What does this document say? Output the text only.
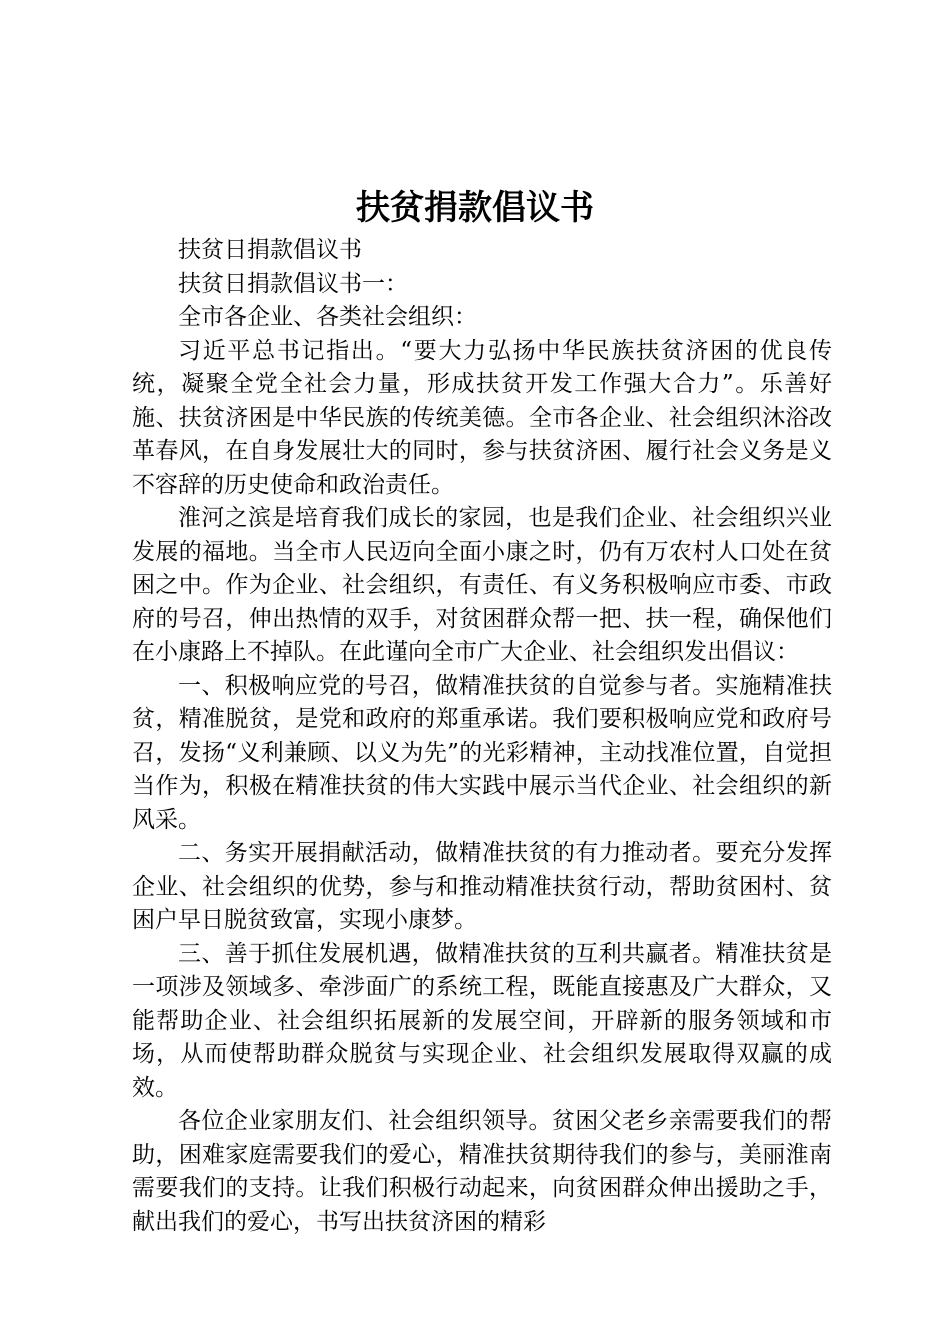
扶贫捐款倡议书

扶贫日捐款倡议书

扶贫日捐款倡议书一：

全市各企业、各类社会组织：

习近平总书记指出。“要大力弘扬中华民族扶贫济困的优良传统，凝聚全党全社会力量，形成扶贫开发工作强大合力”。乐善好施、扶贫济困是中华民族的传统美德。全市各企业、社会组织沐浴改革春风，在自身发展壮大的同时，参与扶贫济困、履行社会义务是义不容辞的历史使命和政治责任。

淮河之滨是培育我们成长的家园，也是我们企业、社会组织兴业发展的福地。当全市人民迈向全面小康之时，仍有万农村人口处在贫困之中。作为企业、社会组织，有责任、有义务积极响应市委、市政府的号召，伸出热情的双手，对贫困群众帮一把、扶一程，确保他们在小康路上不掉队。在此谨向全市广大企业、社会组织发出倡议：

一、积极响应党的号召，做精准扶贫的自觉参与者。实施精准扶贫，精准脱贫，是党和政府的郑重承诺。我们要积极响应党和政府号召，发扬“义利兼顾、以义为先”的光彩精神，主动找准位置，自觉担当作为，积极在精准扶贫的伟大实践中展示当代企业、社会组织的新风采。

二、务实开展捐献活动，做精准扶贫的有力推动者。要充分发挥企业、社会组织的优势，参与和推动精准扶贫行动，帮助贫困村、贫困户早日脱贫致富，实现小康梦。

三、善于抓住发展机遇，做精准扶贫的互利共赢者。精准扶贫是一项涉及领域多、牵涉面广的系统工程，既能直接惠及广大群众，又能帮助企业、社会组织拓展新的发展空间，开辟新的服务领域和市场，从而使帮助群众脱贫与实现企业、社会组织发展取得双赢的成效。

各位企业家朋友们、社会组织领导。贫困父老乡亲需要我们的帮助，困难家庭需要我们的爱心，精准扶贫期待我们的参与，美丽淮南需要我们的支持。让我们积极行动起来，向贫困群众伸出援助之手，献出我们的爱心，书写出扶贫济困的精彩
